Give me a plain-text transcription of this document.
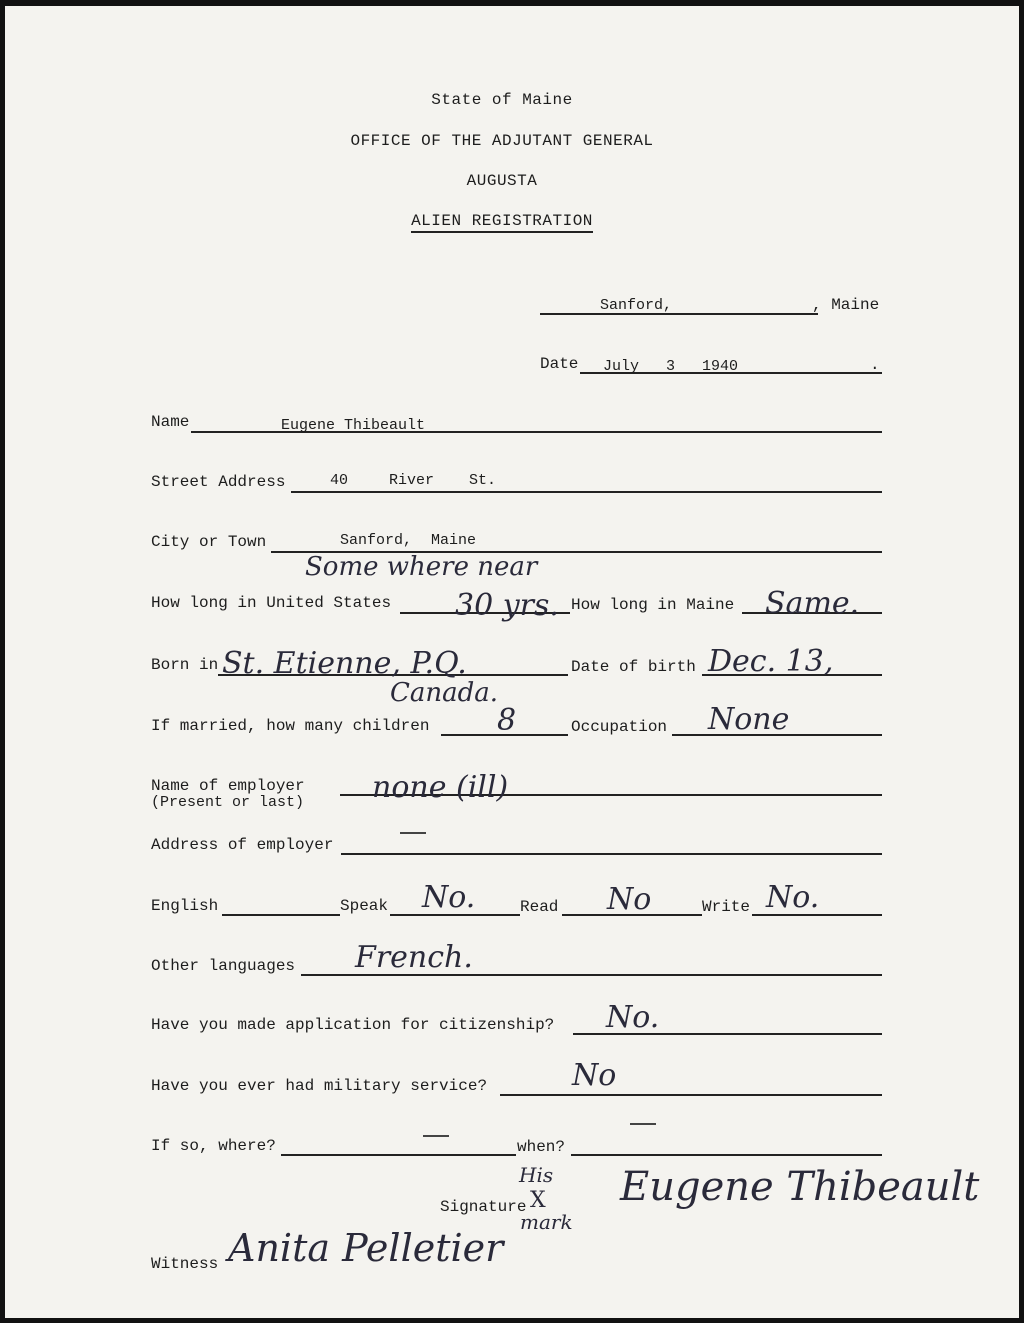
State of Maine
OFFICE OF THE ADJUTANT GENERAL
AUGUSTA
ALIEN REGISTRATION
Sanford,	, Maine
Date July 3 1940	.
Name	Eugene Thibeault
Street Address	40	River St.
City or Town	Sanford, Maine
Some where near
How long in United States 30 yrs. How long in Maine Same.
Born in St. Etienne, P.Q.
Canada.
Date of birth Dec. 13,
If married, how many children 8	Occupation None
Name of employer
(Present or last) none (ill)
Address of employer
English	Speak No.	Read No	Write No.
Other languages French.
Have you made application for citizenship? No.
Have you ever had military service?	No
If so, where?	when?
His
Signature X
mark
Eugene Thibeault
Witness Anita Pelletier
